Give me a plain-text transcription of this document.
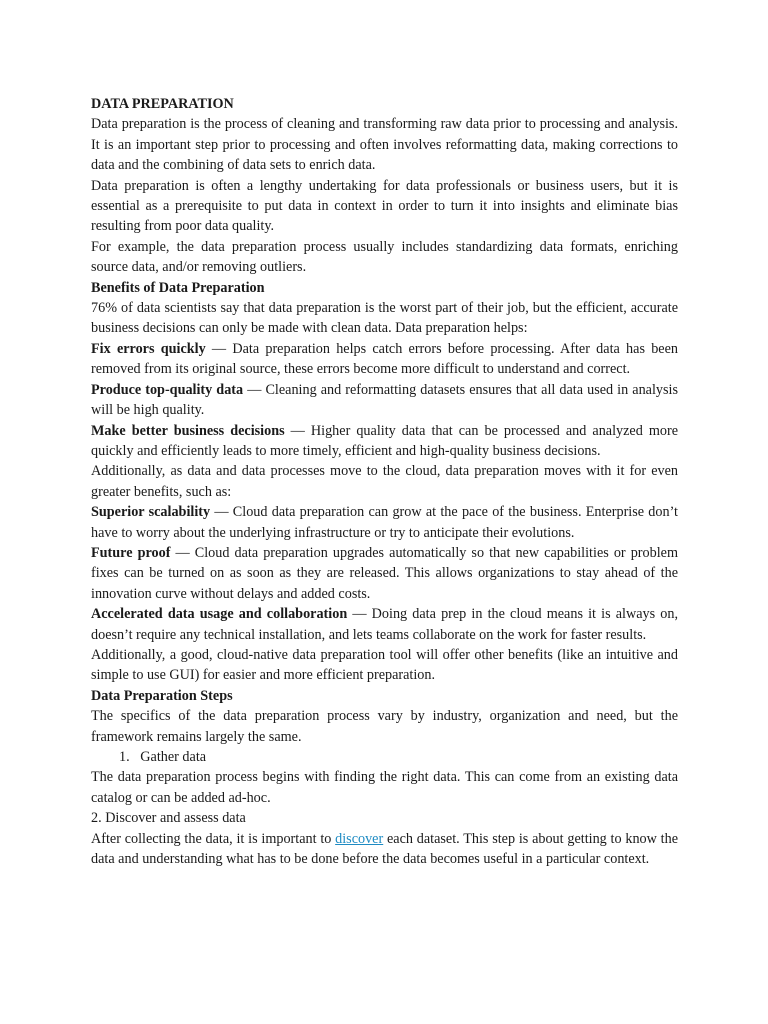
DATA PREPARATION

Data preparation is the process of cleaning and transforming raw data prior to processing and analysis. It is an important step prior to processing and often involves reformatting data, making corrections to data and the combining of data sets to enrich data.

Data preparation is often a lengthy undertaking for data professionals or business users, but it is essential as a prerequisite to put data in context in order to turn it into insights and eliminate bias resulting from poor data quality.

For example, the data preparation process usually includes standardizing data formats, enriching source data, and/or removing outliers.

Benefits of Data Preparation

76% of data scientists say that data preparation is the worst part of their job, but the efficient, accurate business decisions can only be made with clean data. Data preparation helps:

Fix errors quickly — Data preparation helps catch errors before processing. After data has been removed from its original source, these errors become more difficult to understand and correct.

Produce top-quality data — Cleaning and reformatting datasets ensures that all data used in analysis will be high quality.

Make better business decisions — Higher quality data that can be processed and analyzed more quickly and efficiently leads to more timely, efficient and high-quality business decisions.

Additionally, as data and data processes move to the cloud, data preparation moves with it for even greater benefits, such as:

Superior scalability — Cloud data preparation can grow at the pace of the business. Enterprise don’t have to worry about the underlying infrastructure or try to anticipate their evolutions.

Future proof — Cloud data preparation upgrades automatically so that new capabilities or problem fixes can be turned on as soon as they are released. This allows organizations to stay ahead of the innovation curve without delays and added costs.

Accelerated data usage and collaboration — Doing data prep in the cloud means it is always on, doesn’t require any technical installation, and lets teams collaborate on the work for faster results.

Additionally, a good, cloud-native data preparation tool will offer other benefits (like an intuitive and simple to use GUI) for easier and more efficient preparation.

Data Preparation Steps

The specifics of the data preparation process vary by industry, organization and need, but the framework remains largely the same.

1.   Gather data

The data preparation process begins with finding the right data. This can come from an existing data catalog or can be added ad-hoc.

2. Discover and assess data

After collecting the data, it is important to discover each dataset. This step is about getting to know the data and understanding what has to be done before the data becomes useful in a particular context.
